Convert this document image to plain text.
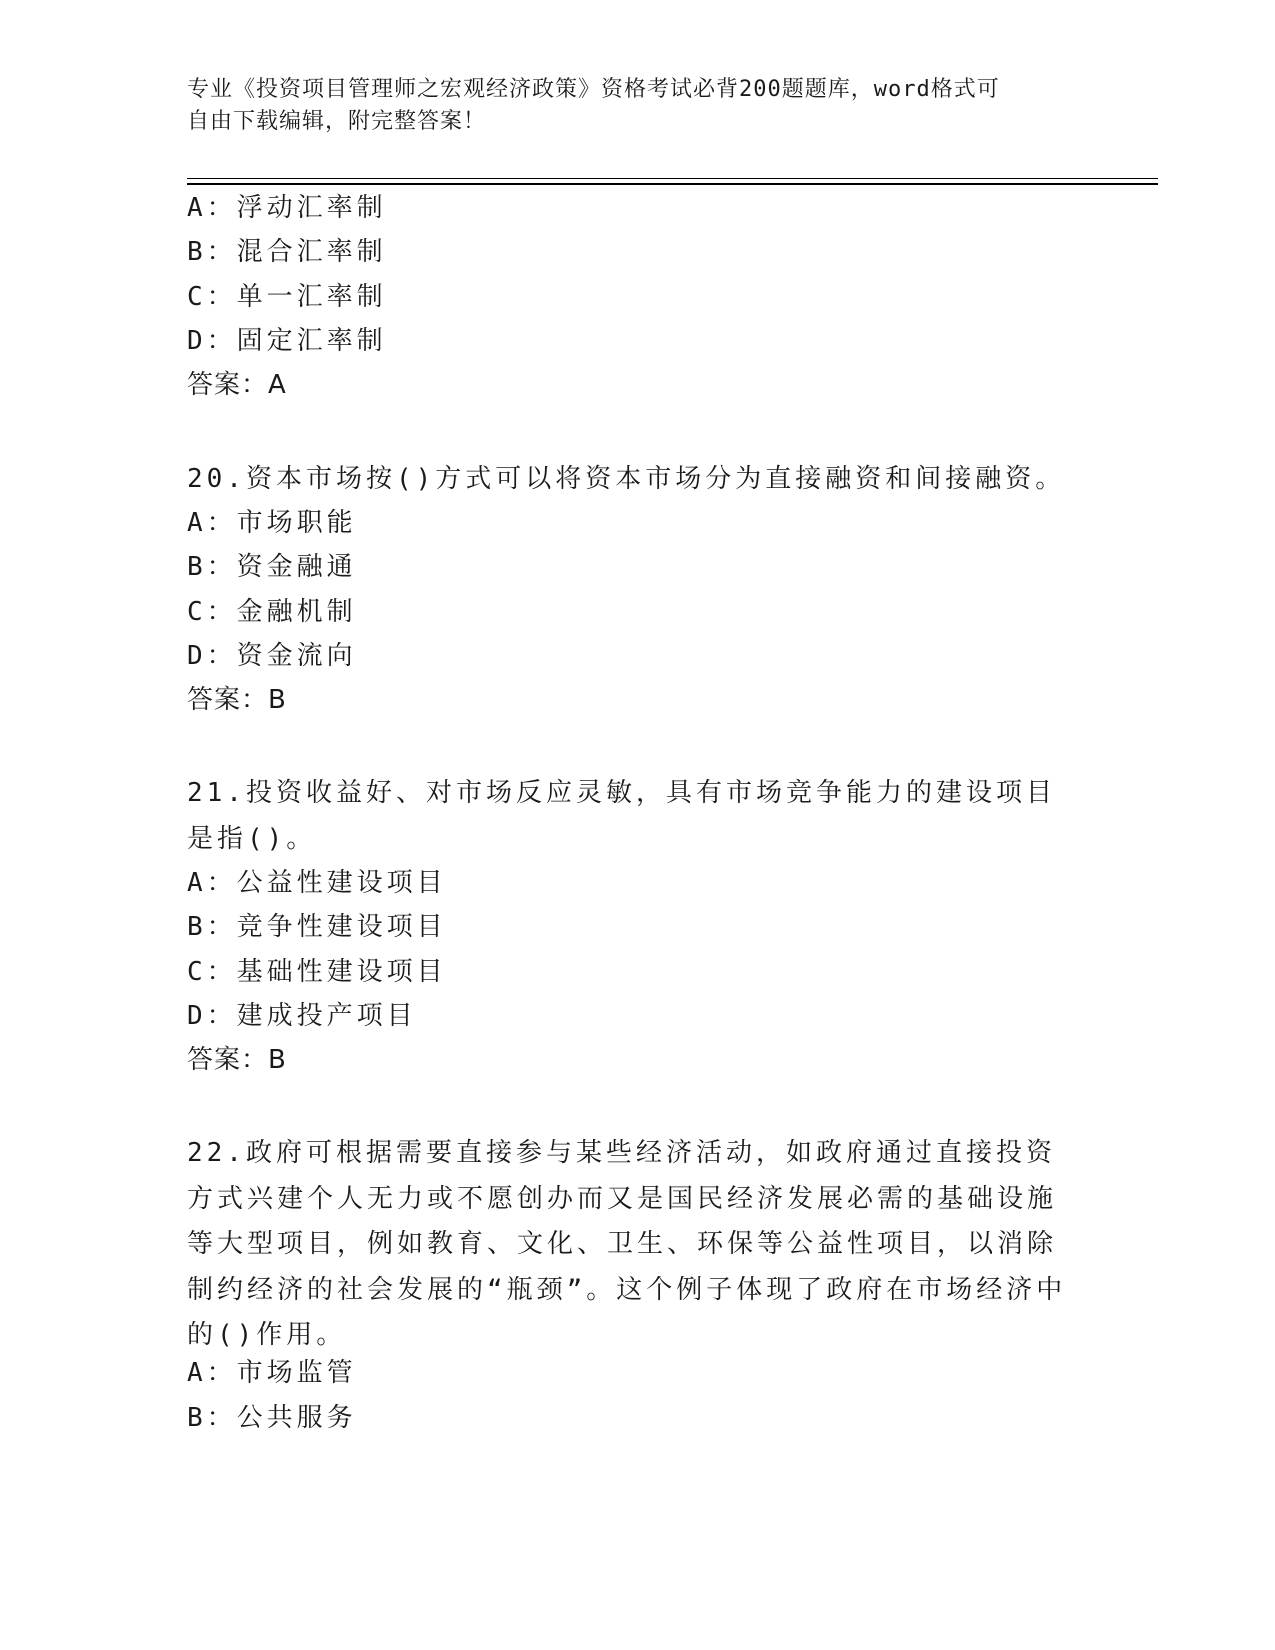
专业《投资项目管理师之宏观经济政策》资格考试必背200题题库，word格式可
自由下载编辑，附完整答案！
A：浮动汇率制
B：混合汇率制
C：单一汇率制
D：固定汇率制
答案：A
20.资本市场按()方式可以将资本市场分为直接融资和间接融资。
A：市场职能
B：资金融通
C：金融机制
D：资金流向
答案：B
21.投资收益好、对市场反应灵敏，具有市场竞争能力的建设项目是指()。
A：公益性建设项目
B：竞争性建设项目
C：基础性建设项目
D：建成投产项目
答案：B
22.政府可根据需要直接参与某些经济活动，如政府通过直接投资方式兴建个人无力或不愿创办而又是国民经济发展必需的基础设施等大型项目，例如教育、文化、卫生、环保等公益性项目，以消除制约经济的社会发展的“瓶颈”。这个例子体现了政府在市场经济中的()作用。
A：市场监管
B：公共服务
